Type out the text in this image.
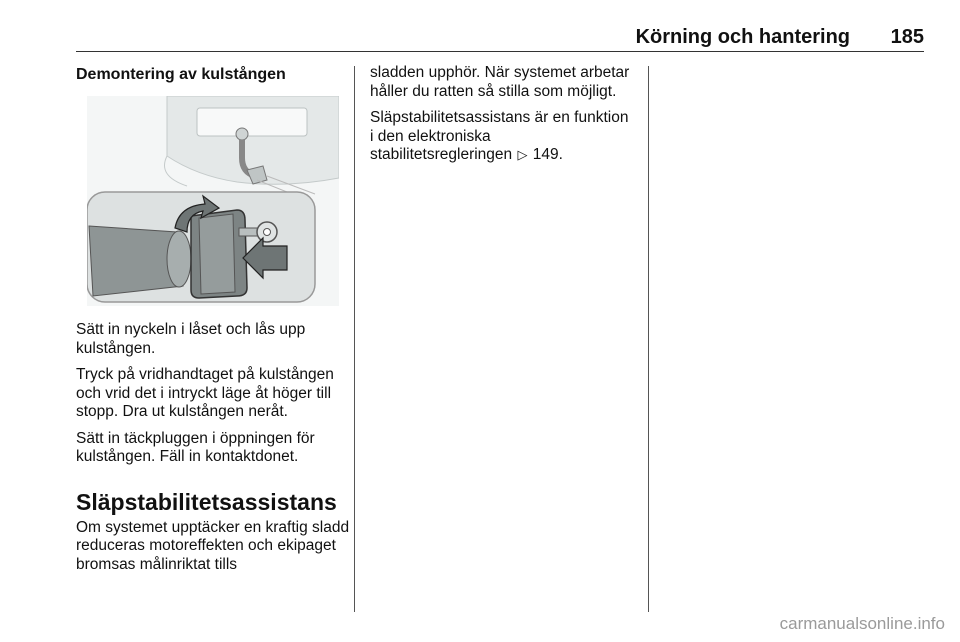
Körning och hantering	185

Demontering av kulstången

Sätt in nyckeln i låset och lås upp kulstången.

Tryck på vridhandtaget på kulstången och vrid det i intryckt läge åt höger till stopp. Dra ut kulstången neråt.

Sätt in täckpluggen i öppningen för kulstången. Fäll in kontaktdonet.

Släpstabilitetsassistans

Om systemet upptäcker en kraftig sladd reduceras motoreffekten och ekipaget bromsas målinriktat tills

sladden upphör. När systemet arbetar håller du ratten så stilla som möjligt.

Släpstabilitetsassistans är en funktion i den elektroniska stabilitetsregleringen ▷ 149.

carmanualsonline.info
